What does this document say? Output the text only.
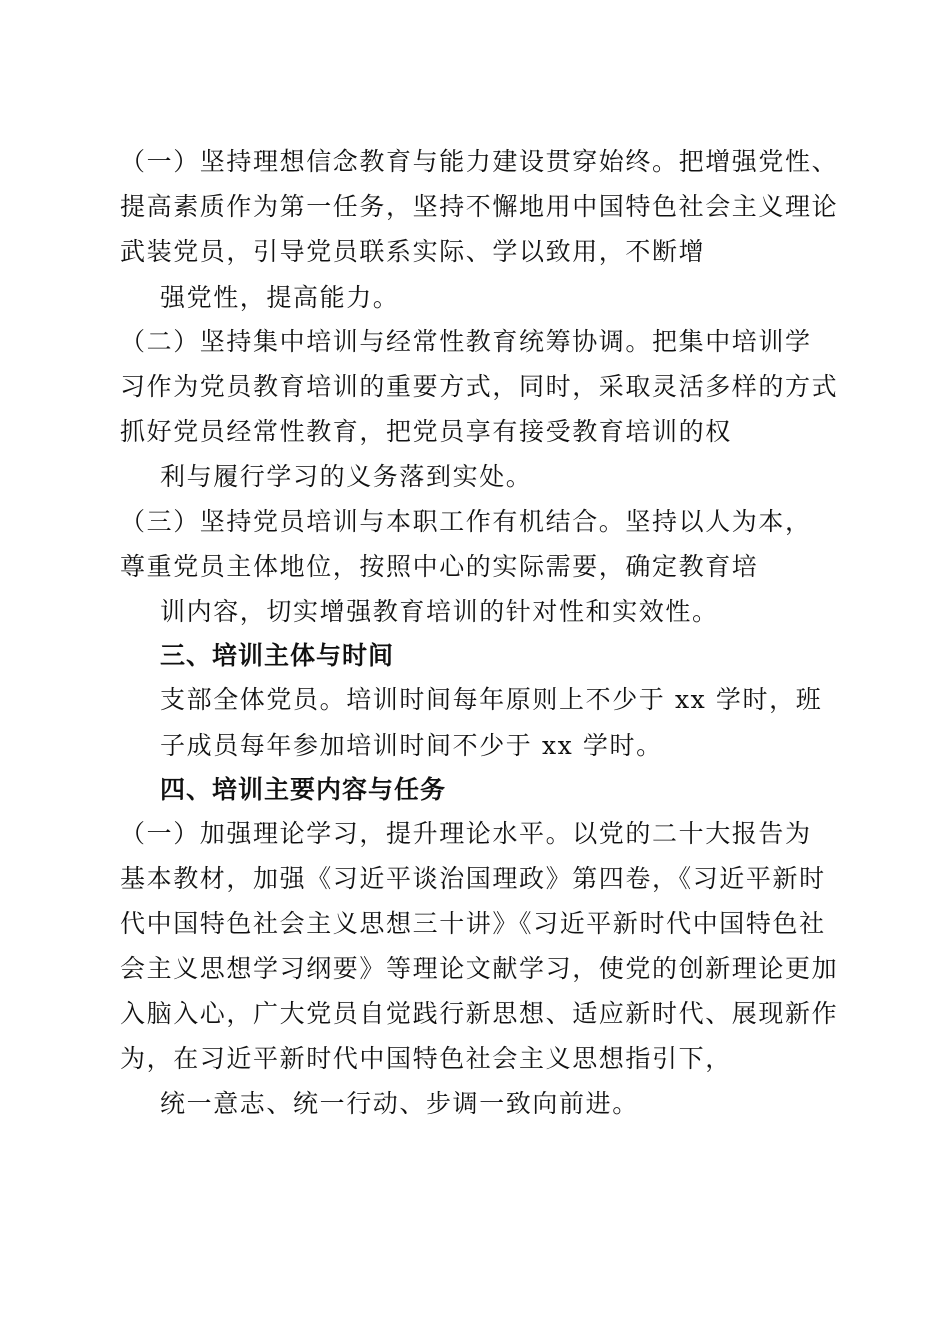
（一）坚持理想信念教育与能力建设贯穿始终。把增强党性、
提高素质作为第一任务，坚持不懈地用中国特色社会主义理论
武装党员，引导党员联系实际、学以致用，不断增
强党性，提高能力。
（二）坚持集中培训与经常性教育统筹协调。把集中培训学
习作为党员教育培训的重要方式，同时，采取灵活多样的方式
抓好党员经常性教育，把党员享有接受教育培训的权
利与履行学习的义务落到实处。
（三）坚持党员培训与本职工作有机结合。坚持以人为本，
尊重党员主体地位，按照中心的实际需要，确定教育培
训内容，切实增强教育培训的针对性和实效性。
三、培训主体与时间
支部全体党员。培训时间每年原则上不少于 xx 学时，班
子成员每年参加培训时间不少于 xx 学时。
四、培训主要内容与任务
（一）加强理论学习，提升理论水平。以党的二十大报告为
基本教材，加强《习近平谈治国理政》第四卷，《习近平新时
代中国特色社会主义思想三十讲》《习近平新时代中国特色社
会主义思想学习纲要》等理论文献学习，使党的创新理论更加
入脑入心，广大党员自觉践行新思想、适应新时代、展现新作
为，在习近平新时代中国特色社会主义思想指引下，
统一意志、统一行动、步调一致向前进。
